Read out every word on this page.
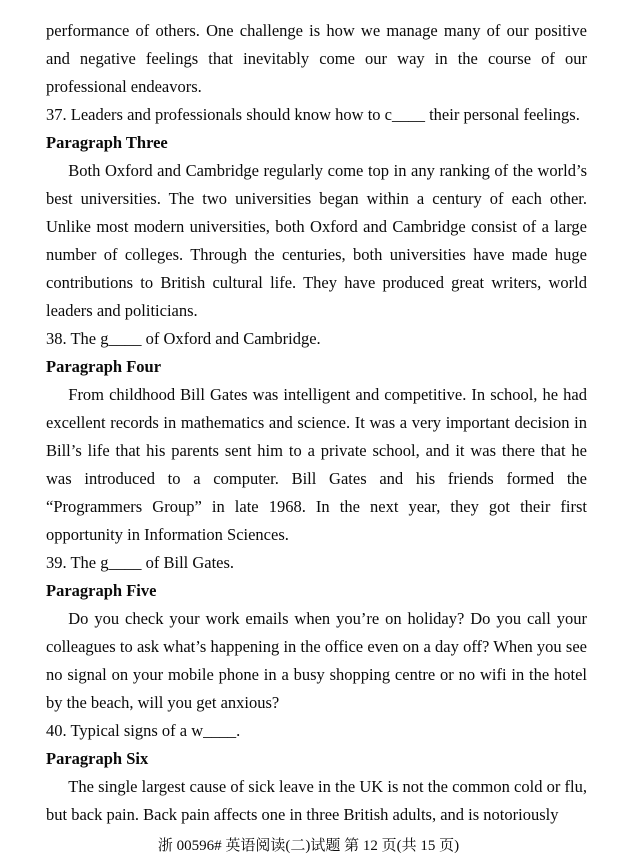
performance of others. One challenge is how we manage many of our positive and negative feelings that inevitably come our way in the course of our professional endeavors.

37. Leaders and professionals should know how to c____ their personal feelings.

Paragraph Three

Both Oxford and Cambridge regularly come top in any ranking of the world’s best universities. The two universities began within a century of each other. Unlike most modern universities, both Oxford and Cambridge consist of a large number of colleges. Through the centuries, both universities have made huge contributions to British cultural life. They have produced great writers, world leaders and politicians.

38. The g____ of Oxford and Cambridge.

Paragraph Four

From childhood Bill Gates was intelligent and competitive. In school, he had excellent records in mathematics and science. It was a very important decision in Bill’s life that his parents sent him to a private school, and it was there that he was introduced to a computer. Bill Gates and his friends formed the “Programmers Group” in late 1968. In the next year, they got their first opportunity in Information Sciences.

39. The g____ of Bill Gates.

Paragraph Five

Do you check your work emails when you’re on holiday? Do you call your colleagues to ask what’s happening in the office even on a day off? When you see no signal on your mobile phone in a busy shopping centre or no wifi in the hotel by the beach, will you get anxious?

40. Typical signs of a w____.

Paragraph Six

The single largest cause of sick leave in the UK is not the common cold or flu, but back pain. Back pain affects one in three British adults, and is notoriously

浙 00596# 英语阅读(二)试题 第 12 页(共 15 页)
